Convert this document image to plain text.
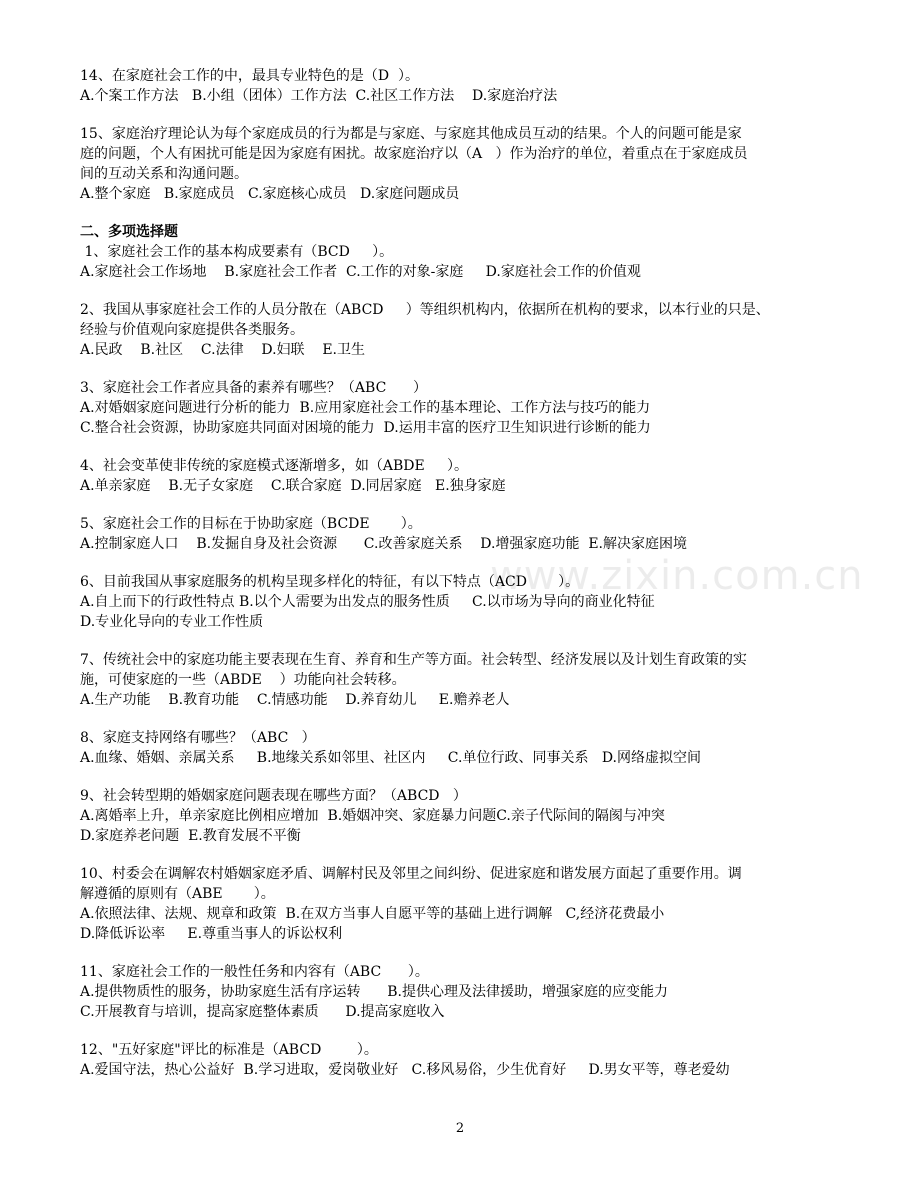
www.zixin.com.cn
14、在家庭社会工作的中，最具专业特色的是（D  ）。
A.个案工作方法   B.小组（团体）工作方法  C.社区工作方法    D.家庭治疗法
15、家庭治疗理论认为每个家庭成员的行为都是与家庭、与家庭其他成员互动的结果。个人的问题可能是家
庭的问题，个人有困扰可能是因为家庭有困扰。故家庭治疗以（A   ）作为治疗的单位，着重点在于家庭成员
间的互动关系和沟通问题。
A.整个家庭   B.家庭成员   C.家庭核心成员   D.家庭问题成员
二、多项选择题
1、家庭社会工作的基本构成要素有（BCD     ）。
A.家庭社会工作场地    B.家庭社会工作者  C.工作的对象-家庭     D.家庭社会工作的价值观
2、我国从事家庭社会工作的人员分散在（ABCD     ）等组织机构内，依据所在机构的要求，以本行业的只是、
经验与价值观向家庭提供各类服务。
A.民政    B.社区    C.法律    D.妇联    E.卫生
3、家庭社会工作者应具备的素养有哪些？（ABC      ）
A.对婚姻家庭问题进行分析的能力  B.应用家庭社会工作的基本理论、工作方法与技巧的能力
C.整合社会资源，协助家庭共同面对困境的能力  D.运用丰富的医疗卫生知识进行诊断的能力
4、社会变革使非传统的家庭模式逐渐增多，如（ABDE     ）。
A.单亲家庭    B.无子女家庭    C.联合家庭  D.同居家庭   E.独身家庭
5、家庭社会工作的目标在于协助家庭（BCDE       ）。
A.控制家庭人口    B.发掘自身及社会资源      C.改善家庭关系    D.增强家庭功能  E.解决家庭困境
6、目前我国从事家庭服务的机构呈现多样化的特征，有以下特点（ACD       ）。
A.自上而下的行政性特点 B.以个人需要为出发点的服务性质     C.以市场为导向的商业化特征
D.专业化导向的专业工作性质
7、传统社会中的家庭功能主要表现在生育、养育和生产等方面。社会转型、经济发展以及计划生育政策的实
施，可使家庭的一些（ABDE    ）功能向社会转移。
A.生产功能    B.教育功能    C.情感功能    D.养育幼儿     E.赡养老人
8、家庭支持网络有哪些？（ABC   ）
A.血缘、婚姻、亲属关系     B.地缘关系如邻里、社区内     C.单位行政、同事关系   D.网络虚拟空间
9、社会转型期的婚姻家庭问题表现在哪些方面？（ABCD   ）
A.离婚率上升，单亲家庭比例相应增加  B.婚姻冲突、家庭暴力问题C.亲子代际间的隔阂与冲突
D.家庭养老问题  E.教育发展不平衡
10、村委会在调解农村婚姻家庭矛盾、调解村民及邻里之间纠纷、促进家庭和谐发展方面起了重要作用。调
解遵循的原则有（ABE       ）。
A.依照法律、法规、规章和政策  B.在双方当事人自愿平等的基础上进行调解   C,经济花费最小
D.降低诉讼率     E.尊重当事人的诉讼权利
11、家庭社会工作的一般性任务和内容有（ABC      ）。
A.提供物质性的服务，协助家庭生活有序运转      B.提供心理及法律援助，增强家庭的应变能力
C.开展教育与培训，提高家庭整体素质      D.提高家庭收入
12、"五好家庭"评比的标准是（ABCD        ）。
A.爱国守法，热心公益好  B.学习进取，爱岗敬业好   C.移风易俗，少生优育好     D.男女平等，尊老爱幼
2
